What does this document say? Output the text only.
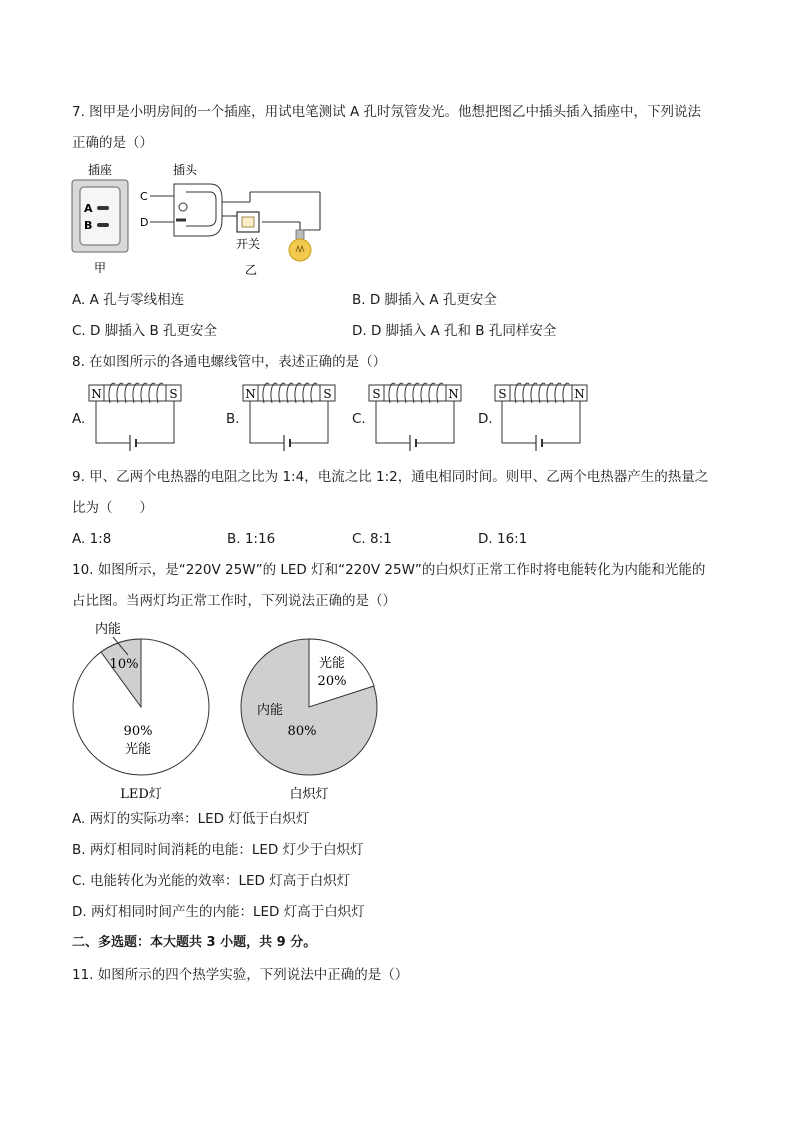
7. 图甲是小明房间的一个插座，用试电笔测试 A 孔时氖管发光。他想把图乙中插头插入插座中，下列说法
正确的是（）
插座
A
B
甲
插头
C
D
开关
乙
A. A 孔与零线相连	B. D 脚插入 A 孔更安全
C. D 脚插入 B 孔更安全	D. D 脚插入 A 孔和 B 孔同样安全
8. 在如图所示的各通电螺线管中，表述正确的是（）
A.
N	S
B.
N	S
C.
S	N
D.
S	N
9. 甲、乙两个电热器的电阻之比为 1:4，电流之比 1:2，通电相同时间。则甲、乙两个电热器产生的热量之
比为（　　）
A. 1:8	B. 1:16	C. 8:1	D. 16:1
10. 如图所示，是“220V 25W”的 LED 灯和“220V 25W”的白炽灯正常工作时将电能转化为内能和光能的
占比图。当两灯均正常工作时，下列说法正确的是（）
内能
10%
90%
光能
LED灯
光能
20%
内能
80%
白炽灯
A. 两灯的实际功率：LED 灯低于白炽灯
B. 两灯相同时间消耗的电能：LED 灯少于白炽灯
C. 电能转化为光能的效率：LED 灯高于白炽灯
D. 两灯相同时间产生的内能：LED 灯高于白炽灯
二、多选题：本大题共 3 小题，共 9 分。
11. 如图所示的四个热学实验，下列说法中正确的是（）
